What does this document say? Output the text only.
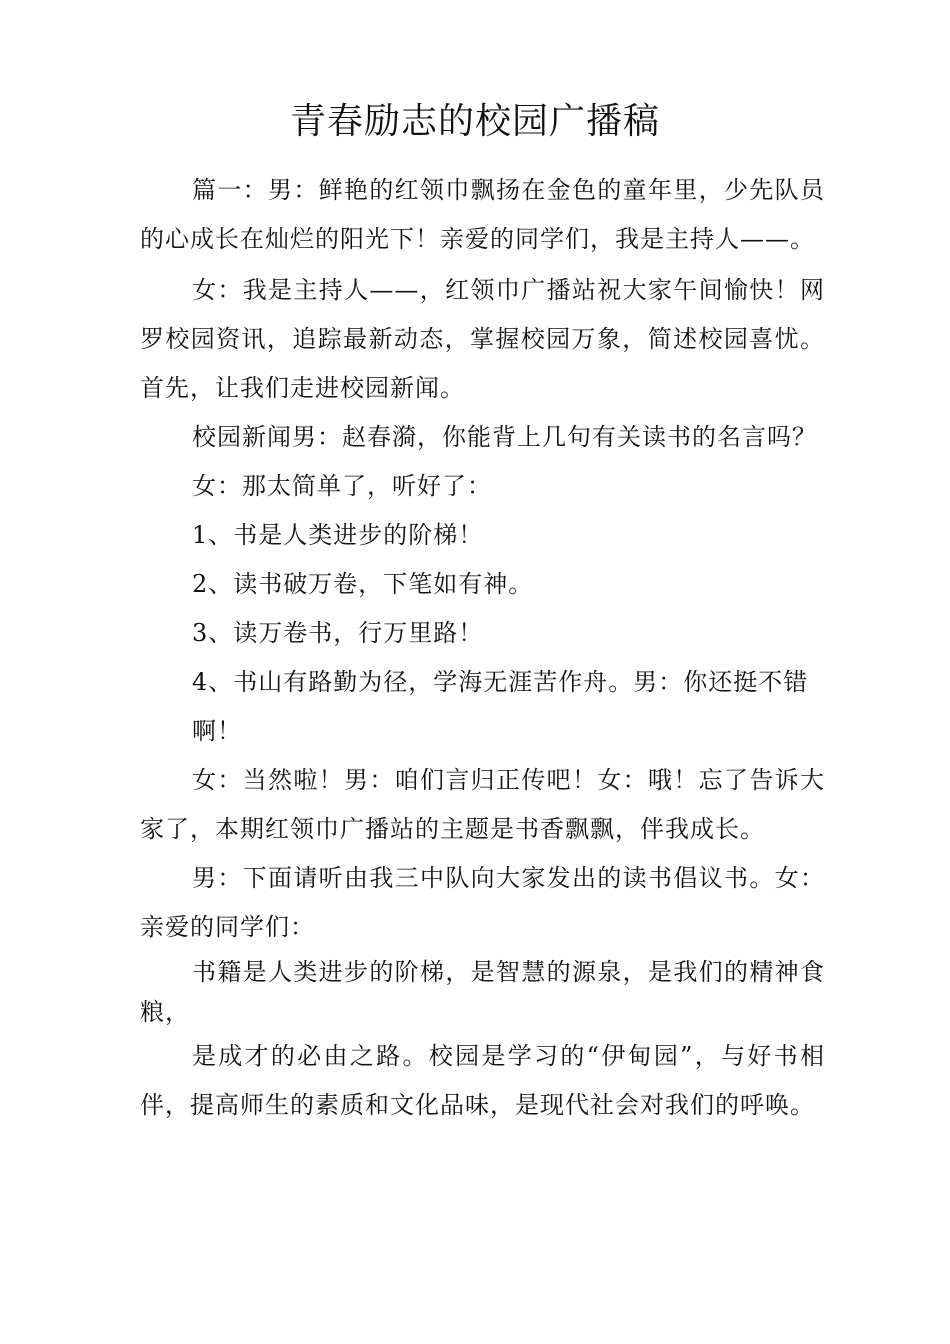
青春励志的校园广播稿

篇一：男：鲜艳的红领巾飘扬在金色的童年里，少先队员的心成长在灿烂的阳光下！亲爱的同学们，我是主持人——。

女：我是主持人——，红领巾广播站祝大家午间愉快！网罗校园资讯，追踪最新动态，掌握校园万象，简述校园喜忧。首先，让我们走进校园新闻。

校园新闻男：赵春漪，你能背上几句有关读书的名言吗？

女：那太简单了，听好了：

1、书是人类进步的阶梯！

2、读书破万卷，下笔如有神。

3、读万卷书，行万里路！

4、书山有路勤为径，学海无涯苦作舟。男：你还挺不错啊！

女：当然啦！男：咱们言归正传吧！女：哦！忘了告诉大家了，本期红领巾广播站的主题是书香飘飘，伴我成长。

男：下面请听由我三中队向大家发出的读书倡议书。女：亲爱的同学们：

书籍是人类进步的阶梯，是智慧的源泉，是我们的精神食粮，

是成才的必由之路。校园是学习的“伊甸园”，与好书相伴，提高师生的素质和文化品味，是现代社会对我们的呼唤。
